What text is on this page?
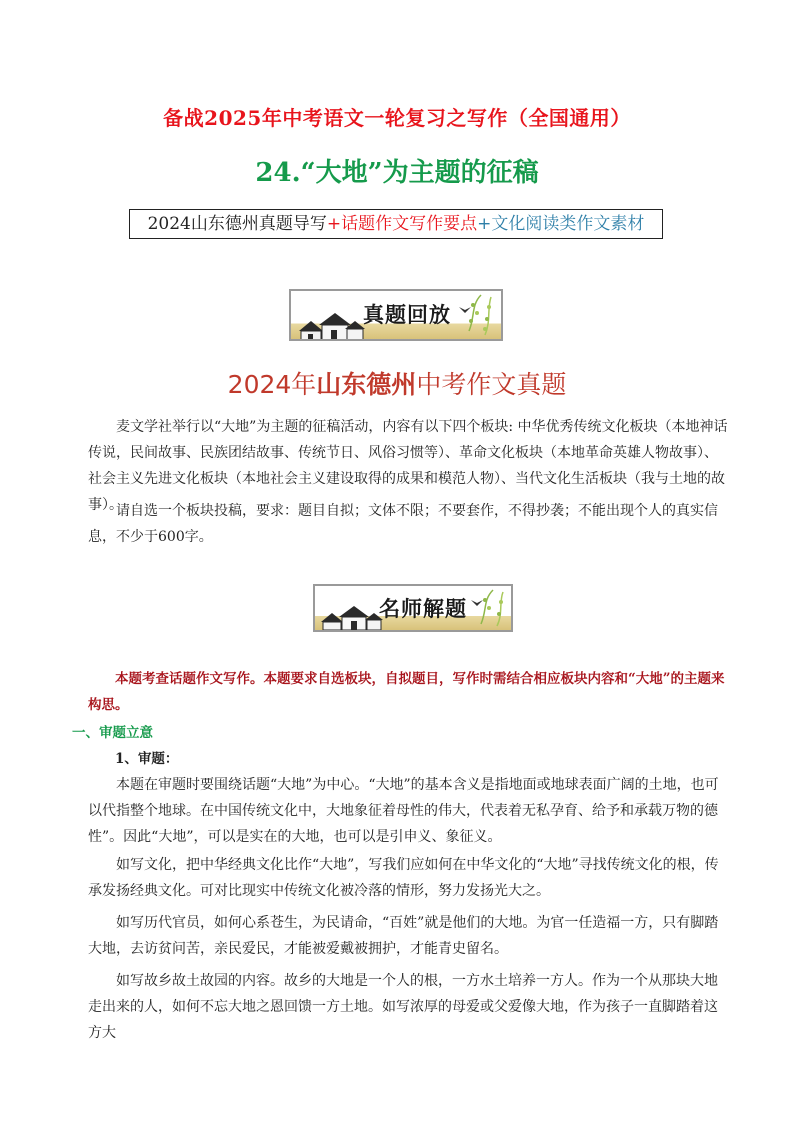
备战2025年中考语文一轮复习之写作（全国通用）
24.“大地”为主题的征稿
2024山东德州真题导写+话题作文写作要点+文化阅读类作文素材
真题回放
2024年山东德州中考作文真题

麦文学社举行以“大地”为主题的征稿活动，内容有以下四个板块: 中华优秀传统文化板块（本地神话传说，民间故事、民族团结故事、传统节日、风俗习惯等）、革命文化板块（本地革命英雄人物故事）、社会主义先进文化板块（本地社会主义建设取得的成果和模范人物）、当代文化生活板块（我与土地的故事）。

请自选一个板块投稿，要求：题目自拟；文体不限；不要套作，不得抄袭；不能出现个人的真实信息，不少于600字。

名师解题

本题考查话题作文写作。本题要求自选板块，自拟题目，写作时需结合相应板块内容和“大地”的主题来构思。

一、审题立意

1、审题：

本题在审题时要围绕话题“大地”为中心。“大地”的基本含义是指地面或地球表面广阔的土地，也可以代指整个地球。在中国传统文化中，大地象征着母性的伟大，代表着无私孕育、给予和承载万物的德性”。因此“大地”，可以是实在的大地，也可以是引申义、象征义。

如写文化，把中华经典文化比作“大地”，写我们应如何在中华文化的“大地”寻找传统文化的根，传承发扬经典文化。可对比现实中传统文化被冷落的情形，努力发扬光大之。

如写历代官员，如何心系苍生，为民请命，“百姓”就是他们的大地。为官一任造福一方，只有脚踏大地，去访贫问苦，亲民爱民，才能被爱戴被拥护，才能青史留名。

如写故乡故土故园的内容。故乡的大地是一个人的根，一方水土培养一方人。作为一个从那块大地走出来的人，如何不忘大地之恩回馈一方土地。如写浓厚的母爱或父爱像大地，作为孩子一直脚踏着这方大
